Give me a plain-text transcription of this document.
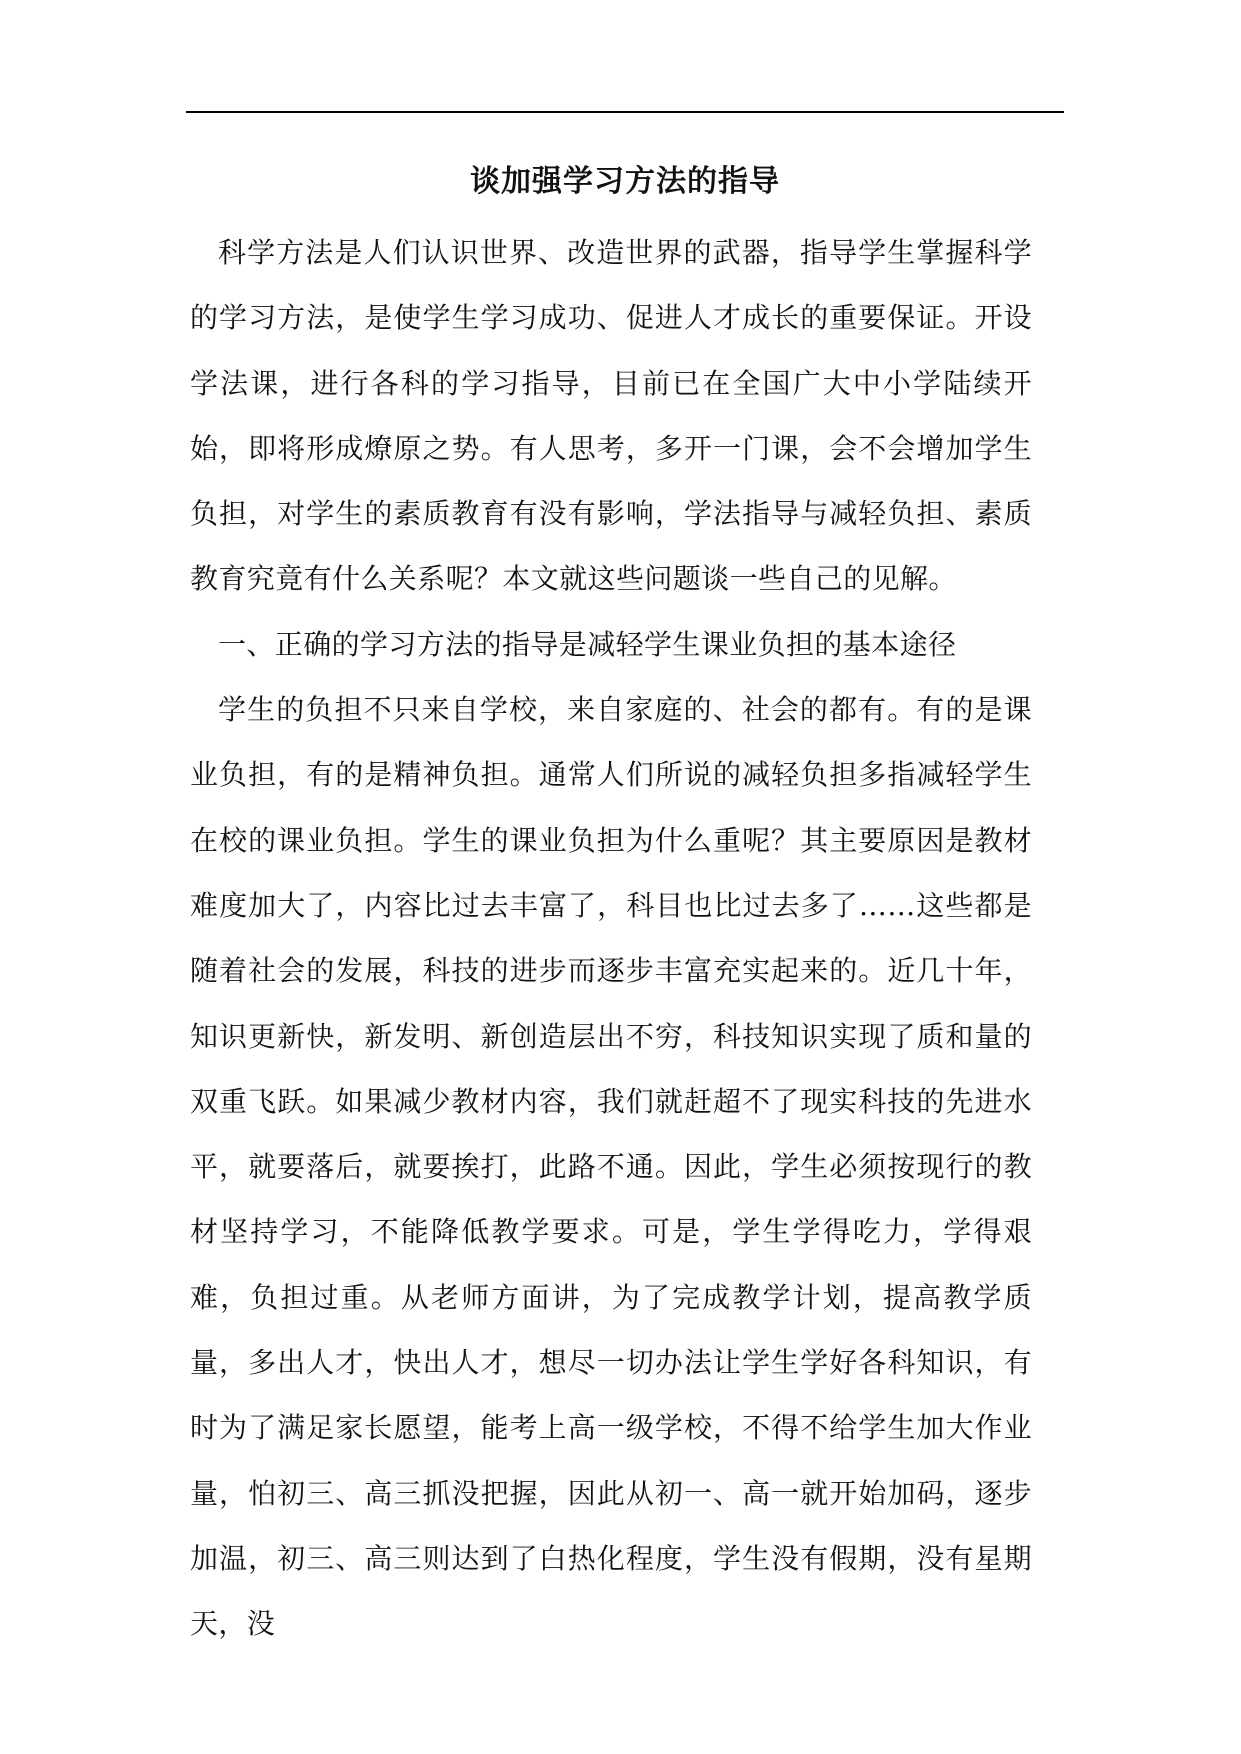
谈加强学习方法的指导

科学方法是人们认识世界、改造世界的武器，指导学生掌握科学的学习方法，是使学生学习成功、促进人才成长的重要保证。开设学法课，进行各科的学习指导，目前已在全国广大中小学陆续开始，即将形成燎原之势。有人思考，多开一门课，会不会增加学生负担，对学生的素质教育有没有影响，学法指导与减轻负担、素质教育究竟有什么关系呢？本文就这些问题谈一些自己的见解。

一、正确的学习方法的指导是减轻学生课业负担的基本途径

学生的负担不只来自学校，来自家庭的、社会的都有。有的是课业负担，有的是精神负担。通常人们所说的减轻负担多指减轻学生在校的课业负担。学生的课业负担为什么重呢？其主要原因是教材难度加大了，内容比过去丰富了，科目也比过去多了……这些都是随着社会的发展，科技的进步而逐步丰富充实起来的。近几十年，知识更新快，新发明、新创造层出不穷，科技知识实现了质和量的双重飞跃。如果减少教材内容，我们就赶超不了现实科技的先进水平，就要落后，就要挨打，此路不通。因此，学生必须按现行的教材坚持学习，不能降低教学要求。可是，学生学得吃力，学得艰难，负担过重。从老师方面讲，为了完成教学计划，提高教学质量，多出人才，快出人才，想尽一切办法让学生学好各科知识，有时为了满足家长愿望，能考上高一级学校，不得不给学生加大作业量，怕初三、高三抓没把握，因此从初一、高一就开始加码，逐步加温，初三、高三则达到了白热化程度，学生没有假期，没有星期天，没
